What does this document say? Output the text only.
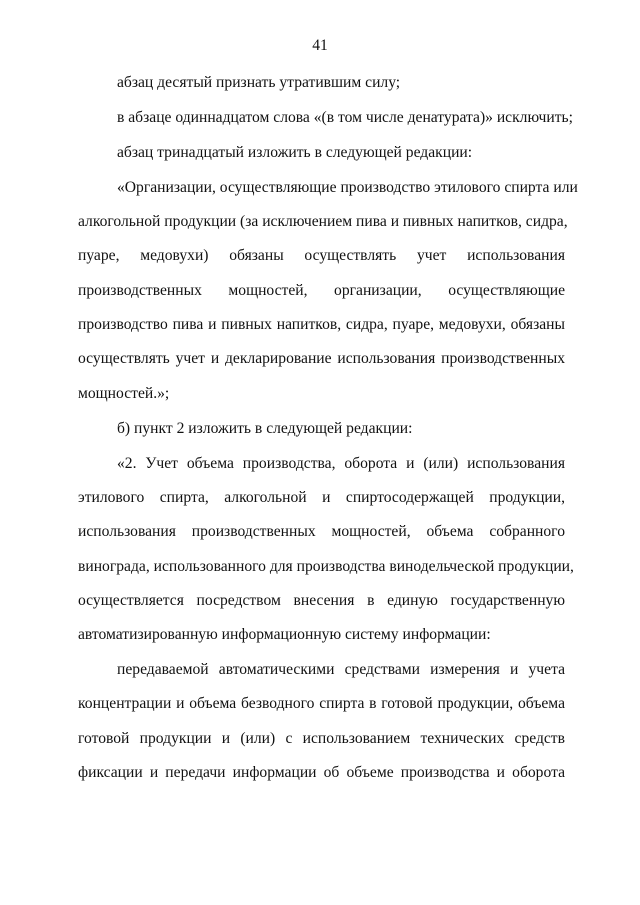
41
абзац десятый признать утратившим силу;
в абзаце одиннадцатом слова «(в том числе денатурата)» исключить;
абзац тринадцатый изложить в следующей редакции:
«Организации, осуществляющие производство этилового спирта или
алкогольной продукции (за исключением пива и пивных напитков, сидра,
пуаре, медовухи) обязаны осуществлять учет использования
производственных мощностей, организации, осуществляющие
производство пива и пивных напитков, сидра, пуаре, медовухи, обязаны
осуществлять учет и декларирование использования производственных
мощностей.»;
б) пункт 2 изложить в следующей редакции:
«2. Учет объема производства, оборота и (или) использования
этилового спирта, алкогольной и спиртосодержащей продукции,
использования производственных мощностей, объема собранного
винограда, использованного для производства винодельческой продукции,
осуществляется посредством внесения в единую государственную
автоматизированную информационную систему информации:
передаваемой автоматическими средствами измерения и учета
концентрации и объема безводного спирта в готовой продукции, объема
готовой продукции и (или) с использованием технических средств
фиксации и передачи информации об объеме производства и оборота
